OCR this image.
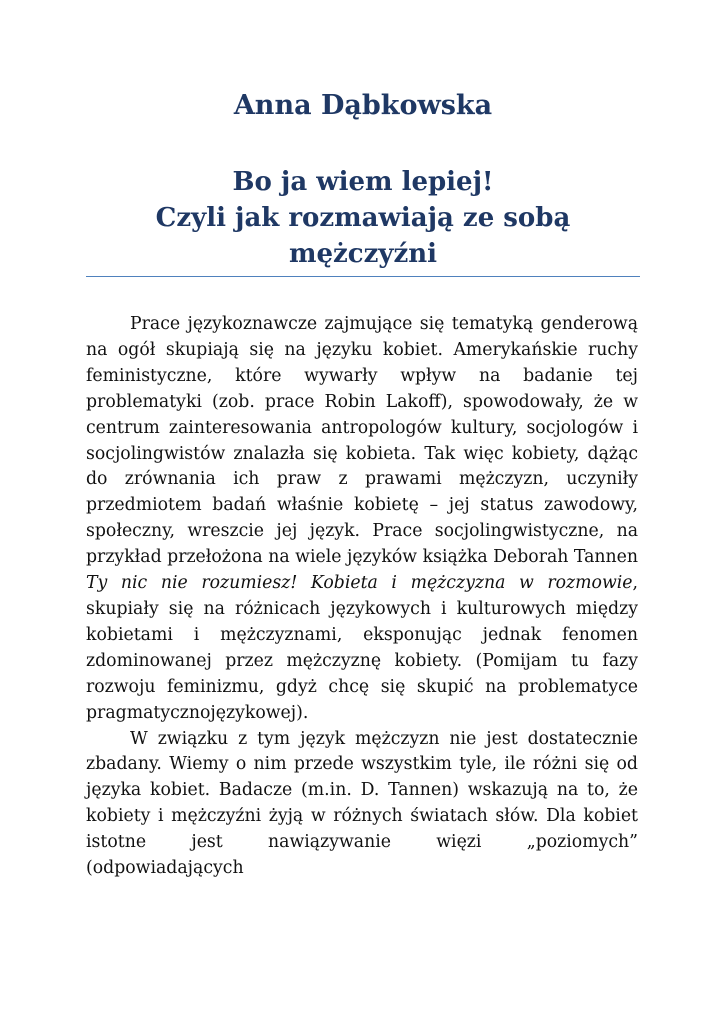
Anna Dąbkowska
Bo ja wiem lepiej!
Czyli jak rozmawiają ze sobą
mężczyźni

Prace językoznawcze zajmujące się tematyką genderową na ogół skupiają się na języku kobiet. Amerykańskie ruchy feministyczne, które wywarły wpływ na badanie tej problematyki (zob. prace Robin Lakoff), spowodowały, że w centrum zainteresowania antropologów kultury, socjologów i socjolingwistów znalazła się kobieta. Tak więc kobiety, dążąc do zrównania ich praw z prawami mężczyzn, uczyniły przedmiotem badań właśnie kobietę – jej status zawodowy, społeczny, wreszcie jej język. Prace socjolingwistyczne, na przykład przełożona na wiele języków książka Deborah Tannen Ty nic nie rozumiesz! Kobieta i mężczyzna w rozmowie, skupiały się na różnicach językowych i kulturowych między kobietami i mężczyznami, eksponując jednak fenomen zdominowanej przez mężczyznę kobiety. (Pomijam tu fazy rozwoju feminizmu, gdyż chcę się skupić na problematyce pragmatycznojęzykowej).

W związku z tym język mężczyzn nie jest dostatecznie zbadany. Wiemy o nim przede wszystkim tyle, ile różni się od języka kobiet. Badacze (m.in. D. Tannen) wskazują na to, że kobiety i mężczyźni żyją w różnych światach słów. Dla kobiet istotne jest nawiązywanie więzi „poziomych” (odpowiadających
